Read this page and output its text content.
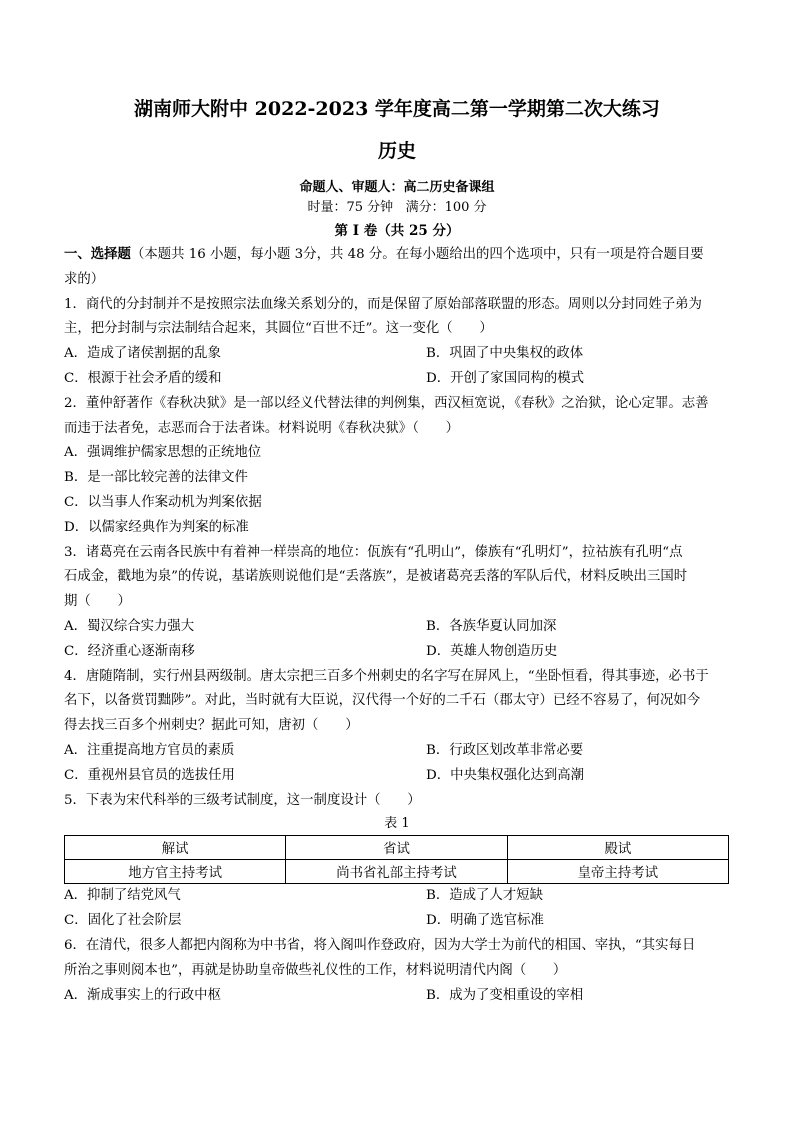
湖南师大附中 2022-2023 学年度高二第一学期第二次大练习
历史
命题人、审题人：高二历史备课组
时量：75 分钟 满分：100 分
第 I 卷（共 25 分）
一、选择题（本题共 16 小题，每小题 3分，共 48 分。在每小题给出的四个选项中，只有一项是符合题目要
求的）
1．商代的分封制并不是按照宗法血缘关系划分的，而是保留了原始部落联盟的形态。周则以分封同姓子弟为
主，把分封制与宗法制结合起来，其圆位“百世不迁”。这一变化（　　）
A．造成了诸侯割据的乱象	B．巩固了中央集权的政体
C．根源于社会矛盾的缓和	D．开创了家国同构的模式
2．董仲舒著作《春秋决狱》是一部以经义代替法律的判例集，西汉桓宽说，《春秋》之治狱，论心定罪。志善
而违于法者免，志恶而合于法者诛。材料说明《春秋决狱》（　　）
A．强调维护儒家思想的正统地位
B．是一部比较完善的法律文件
C．以当事人作案动机为判案依据
D．以儒家经典作为判案的标准
3．诸葛亮在云南各民族中有着神一样崇高的地位：佤族有“孔明山”，傣族有“孔明灯”，拉祜族有孔明“点
石成金，戳地为泉”的传说，基诺族则说他们是“丢落族”，是被诸葛亮丢落的军队后代，材料反映出三国时
期（　　）
A．蜀汉综合实力强大	B．各族华夏认同加深
C．经济重心逐渐南移	D．英雄人物创造历史
4．唐随隋制，实行州县两级制。唐太宗把三百多个州刺史的名字写在屏风上，“坐卧恒看，得其事迹，必书于
名下，以备赏罚黜陟”。对此，当时就有大臣说，汉代得一个好的二千石（郡太守）已经不容易了，何况如今
得去找三百多个州刺史？据此可知，唐初（　　）
A．注重提高地方官员的素质	B．行政区划改革非常必要
C．重视州县官员的选拔任用	D．中央集权强化达到高潮
5．下表为宋代科举的三级考试制度，这一制度设计（　　）
表 1
解试	省试	殿试
地方官主持考试	尚书省礼部主持考试	皇帝主持考试
A．抑制了结党风气	B．造成了人才短缺
C．固化了社会阶层	D．明确了选官标准
6．在清代，很多人都把内阁称为中书省，将入阁叫作登政府，因为大学士为前代的相国、宰执，“其实每日
所治之事则阅本也”，再就是协助皇帝做些礼仪性的工作，材料说明清代内阁（　　）
A．渐成事实上的行政中枢	B．成为了变相重设的宰相
